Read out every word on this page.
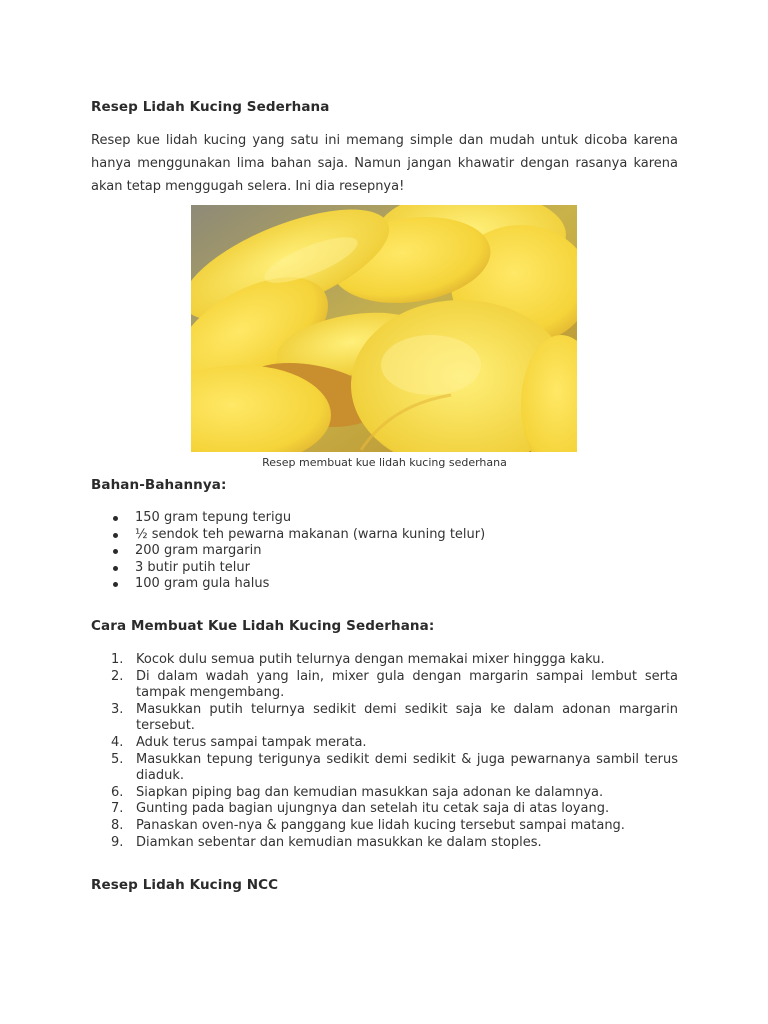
Resep Lidah Kucing Sederhana

Resep kue lidah kucing yang satu ini memang simple dan mudah untuk dicoba karena hanya menggunakan lima bahan saja. Namun jangan khawatir dengan rasanya karena akan tetap menggugah selera. Ini dia resepnya!

Resep membuat kue lidah kucing sederhana
Bahan-Bahannya:
150 gram tepung terigu
½ sendok teh pewarna makanan (warna kuning telur)
200 gram margarin
3 butir putih telur
100 gram gula halus
Cara Membuat Kue Lidah Kucing Sederhana:
1. Kocok dulu semua putih telurnya dengan memakai mixer hinggga kaku.
2. Di dalam wadah yang lain, mixer gula dengan margarin sampai lembut serta tampak mengembang.
3. Masukkan putih telurnya sedikit demi sedikit saja ke dalam adonan margarin tersebut.
4. Aduk terus sampai tampak merata.
5. Masukkan tepung terigunya sedikit demi sedikit & juga pewarnanya sambil terus diaduk.
6. Siapkan piping bag dan kemudian masukkan saja adonan ke dalamnya.
7. Gunting pada bagian ujungnya dan setelah itu cetak saja di atas loyang.
8. Panaskan oven-nya & panggang kue lidah kucing tersebut sampai matang.
9. Diamkan sebentar dan kemudian masukkan ke dalam stoples.
Resep Lidah Kucing NCC
